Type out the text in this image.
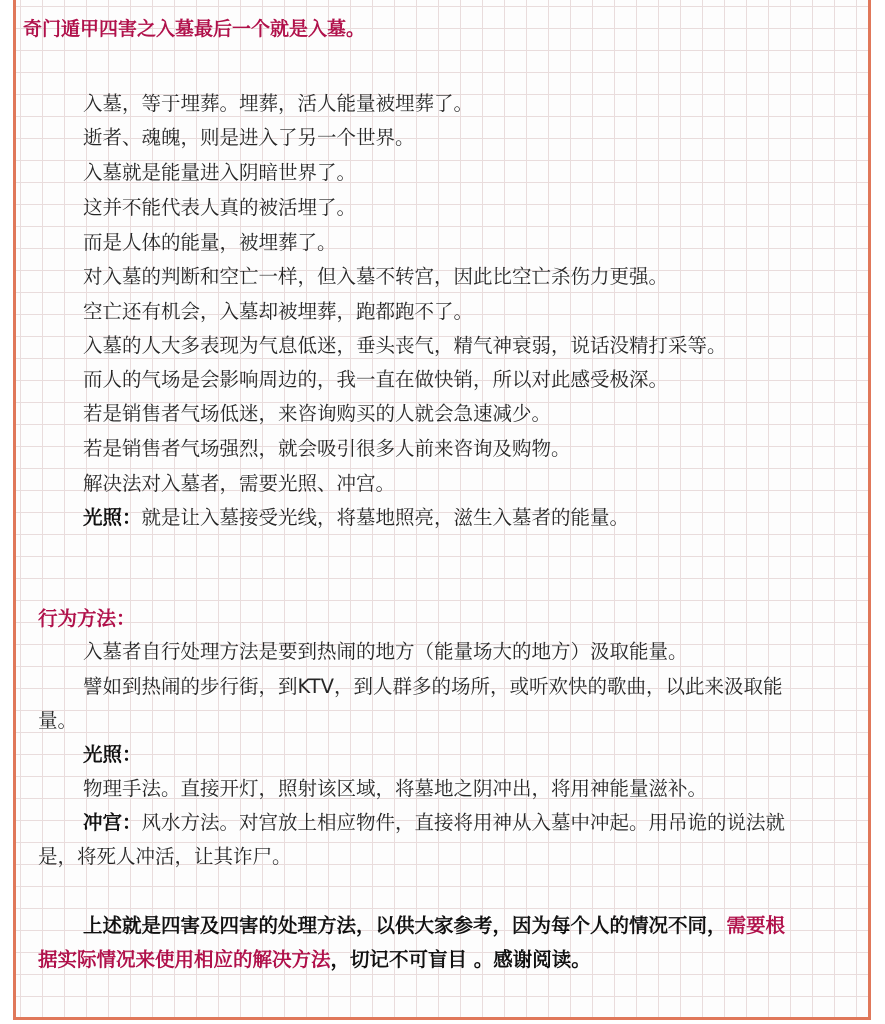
奇门遁甲四害之入墓最后一个就是入墓。

入墓，等于埋葬。埋葬，活人能量被埋葬了。

逝者、魂魄，则是进入了另一个世界。

入墓就是能量进入阴暗世界了。

这并不能代表人真的被活埋了。

而是人体的能量，被埋葬了。

对入墓的判断和空亡一样，但入墓不转宫，因此比空亡杀伤力更强。

空亡还有机会，入墓却被埋葬，跑都跑不了。

入墓的人大多表现为气息低迷，垂头丧气，精气神衰弱，说话没精打采等。

而人的气场是会影响周边的，我一直在做快销，所以对此感受极深。

若是销售者气场低迷，来咨询购买的人就会急速减少。

若是销售者气场强烈，就会吸引很多人前来咨询及购物。

解决法对入墓者，需要光照、冲宫。

光照：就是让入墓接受光线，将墓地照亮，滋生入墓者的能量。

行为方法：

入墓者自行处理方法是要到热闹的地方（能量场大的地方）汲取能量。

譬如到热闹的步行街，到KTV，到人群多的场所，或听欢快的歌曲，以此来汲取能

量。

光照：

物理手法。直接开灯，照射该区域，将墓地之阴冲出，将用神能量滋补。

冲宫：风水方法。对宫放上相应物件，直接将用神从入墓中冲起。用吊诡的说法就

是，将死人冲活，让其诈尸。

上述就是四害及四害的处理方法，以供大家参考，因为每个人的情况不同，需要根

据实际情况来使用相应的解决方法，切记不可盲目 。感谢阅读。
